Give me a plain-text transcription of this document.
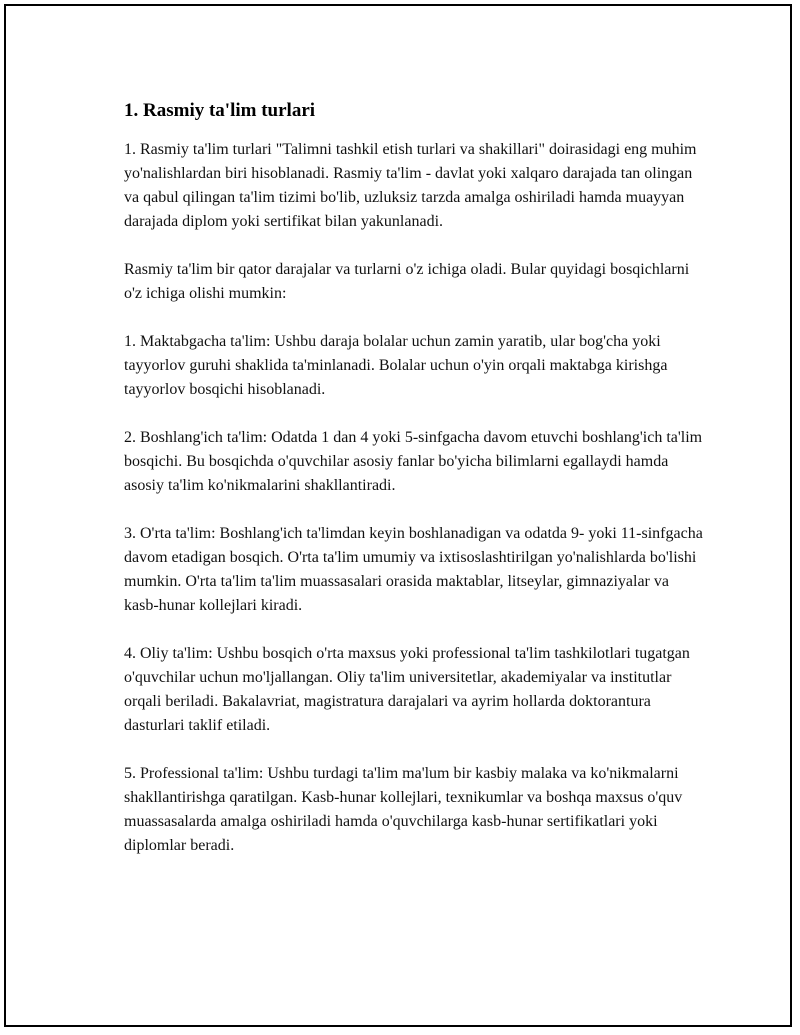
1. Rasmiy ta'lim turlari

1. Rasmiy ta'lim turlari "Talimni tashkil etish turlari va shakillari" doirasidagi eng muhim yo'nalishlardan biri hisoblanadi. Rasmiy ta'lim - davlat yoki xalqaro darajada tan olingan va qabul qilingan ta'lim tizimi bo'lib, uzluksiz tarzda amalga oshiriladi hamda muayyan darajada diplom yoki sertifikat bilan yakunlanadi.

Rasmiy ta'lim bir qator darajalar va turlarni o'z ichiga oladi. Bular quyidagi bosqichlarni o'z ichiga olishi mumkin:

1. Maktabgacha ta'lim: Ushbu daraja bolalar uchun zamin yaratib, ular bog'cha yoki tayyorlov guruhi shaklida ta'minlanadi. Bolalar uchun o'yin orqali maktabga kirishga tayyorlov bosqichi hisoblanadi.

2. Boshlang'ich ta'lim: Odatda 1 dan 4 yoki 5-sinfgacha davom etuvchi boshlang'ich ta'lim bosqichi. Bu bosqichda o'quvchilar asosiy fanlar bo'yicha bilimlarni egallaydi hamda asosiy ta'lim ko'nikmalarini shakllantiradi.

3. O'rta ta'lim: Boshlang'ich ta'limdan keyin boshlanadigan va odatda 9- yoki 11-sinfgacha davom etadigan bosqich. O'rta ta'lim umumiy va ixtisoslashtirilgan yo'nalishlarda bo'lishi mumkin. O'rta ta'lim ta'lim muassasalari orasida maktablar, litseylar, gimnaziyalar va kasb-hunar kollejlari kiradi.

4. Oliy ta'lim: Ushbu bosqich o'rta maxsus yoki professional ta'lim tashkilotlari tugatgan o'quvchilar uchun mo'ljallangan. Oliy ta'lim universitetlar, akademiyalar va institutlar orqali beriladi. Bakalavriat, magistratura darajalari va ayrim hollarda doktorantura dasturlari taklif etiladi.

5. Professional ta'lim: Ushbu turdagi ta'lim ma'lum bir kasbiy malaka va ko'nikmalarni shakllantirishga qaratilgan. Kasb-hunar kollejlari, texnikumlar va boshqa maxsus o'quv muassasalarda amalga oshiriladi hamda o'quvchilarga kasb-hunar sertifikatlari yoki diplomlar beradi.
